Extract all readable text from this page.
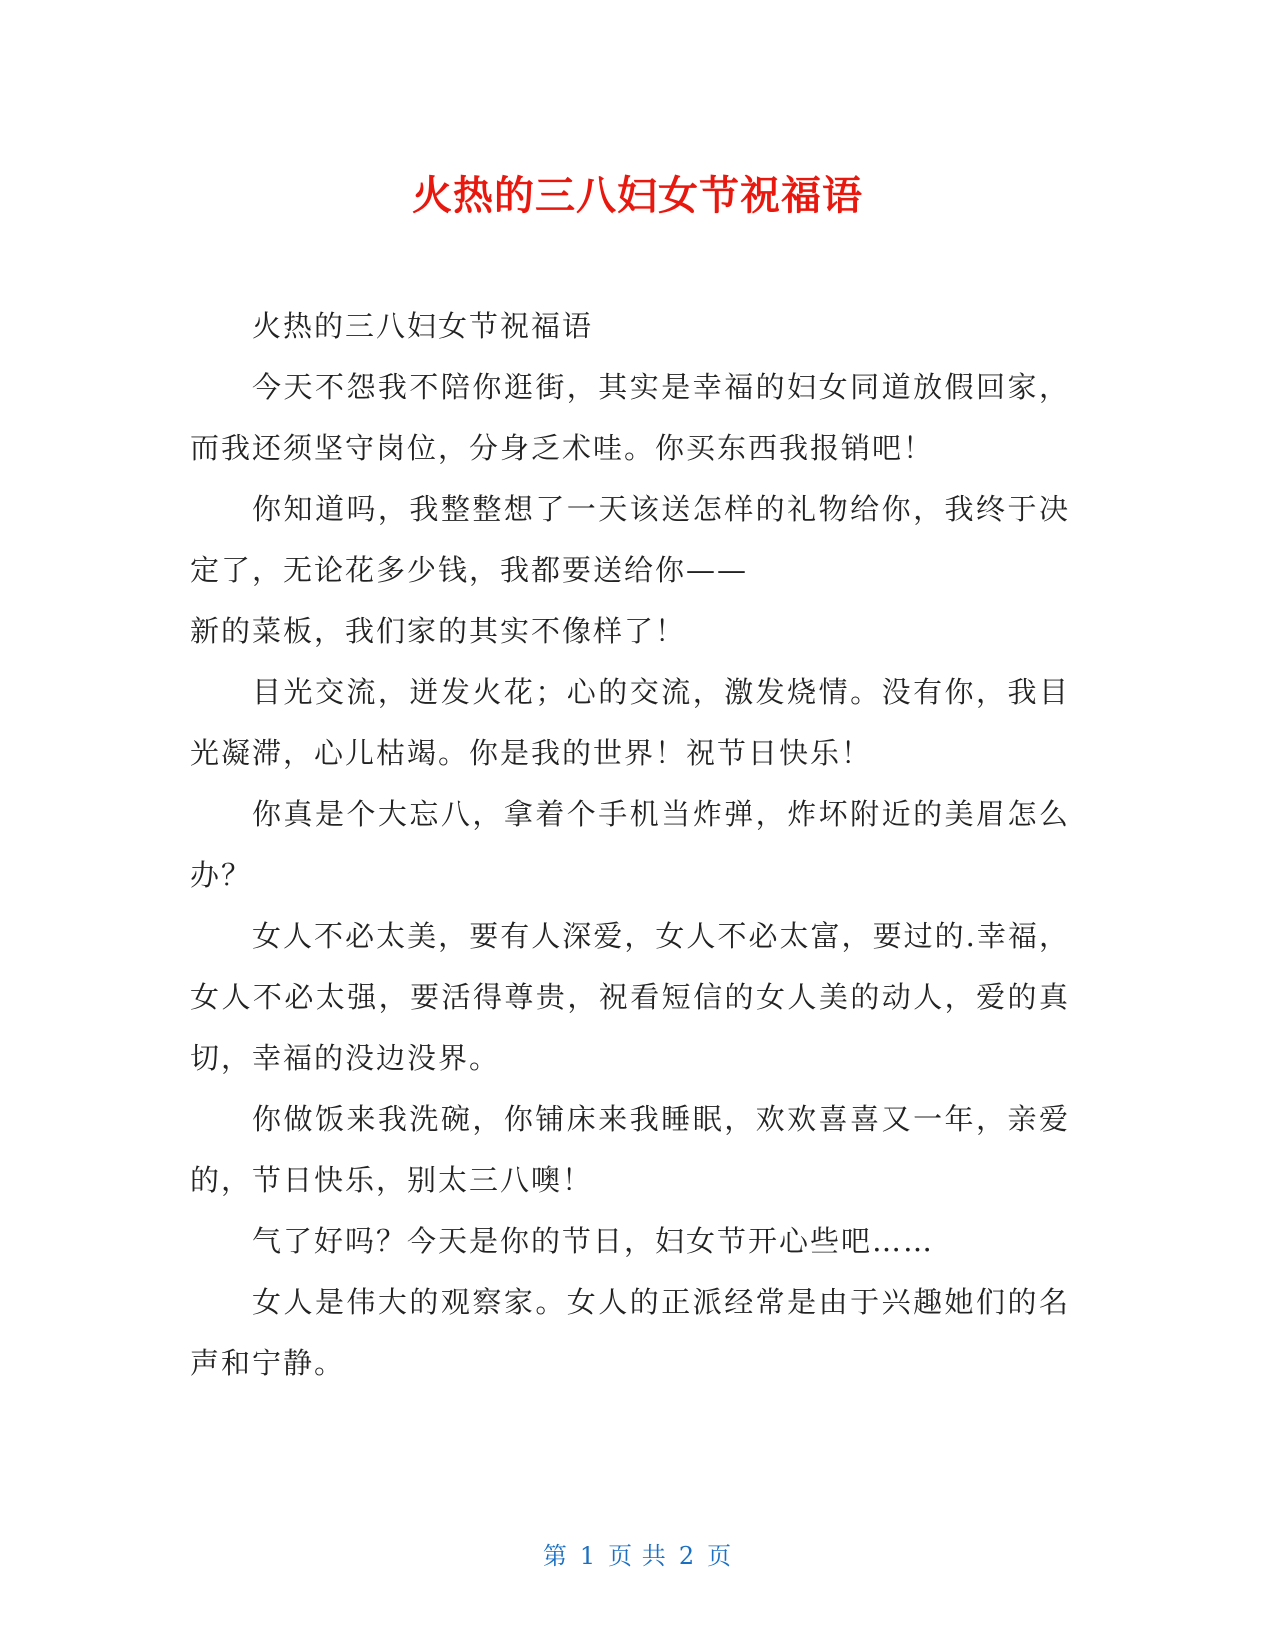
火热的三八妇女节祝福语

火热的三八妇女节祝福语

今天不怨我不陪你逛街，其实是幸福的妇女同道放假回家，而我还须坚守岗位，分身乏术哇。你买东西我报销吧！

你知道吗，我整整想了一天该送怎样的礼物给你，我终于决定了，无论花多少钱，我都要送给你——

新的菜板，我们家的其实不像样了！

目光交流，迸发火花；心的交流，激发烧情。没有你，我目光凝滞，心儿枯竭。你是我的世界！祝节日快乐！

你真是个大忘八，拿着个手机当炸弹，炸坏附近的美眉怎么办？

女人不必太美，要有人深爱，女人不必太富，要过的.幸福，女人不必太强，要活得尊贵，祝看短信的女人美的动人，爱的真切，幸福的没边没界。

你做饭来我洗碗，你铺床来我睡眠，欢欢喜喜又一年，亲爱的，节日快乐，别太三八噢！

气了好吗？今天是你的节日，妇女节开心些吧……

女人是伟大的观察家。女人的正派经常是由于兴趣她们的名声和宁静。

第 1 页 共 2 页
